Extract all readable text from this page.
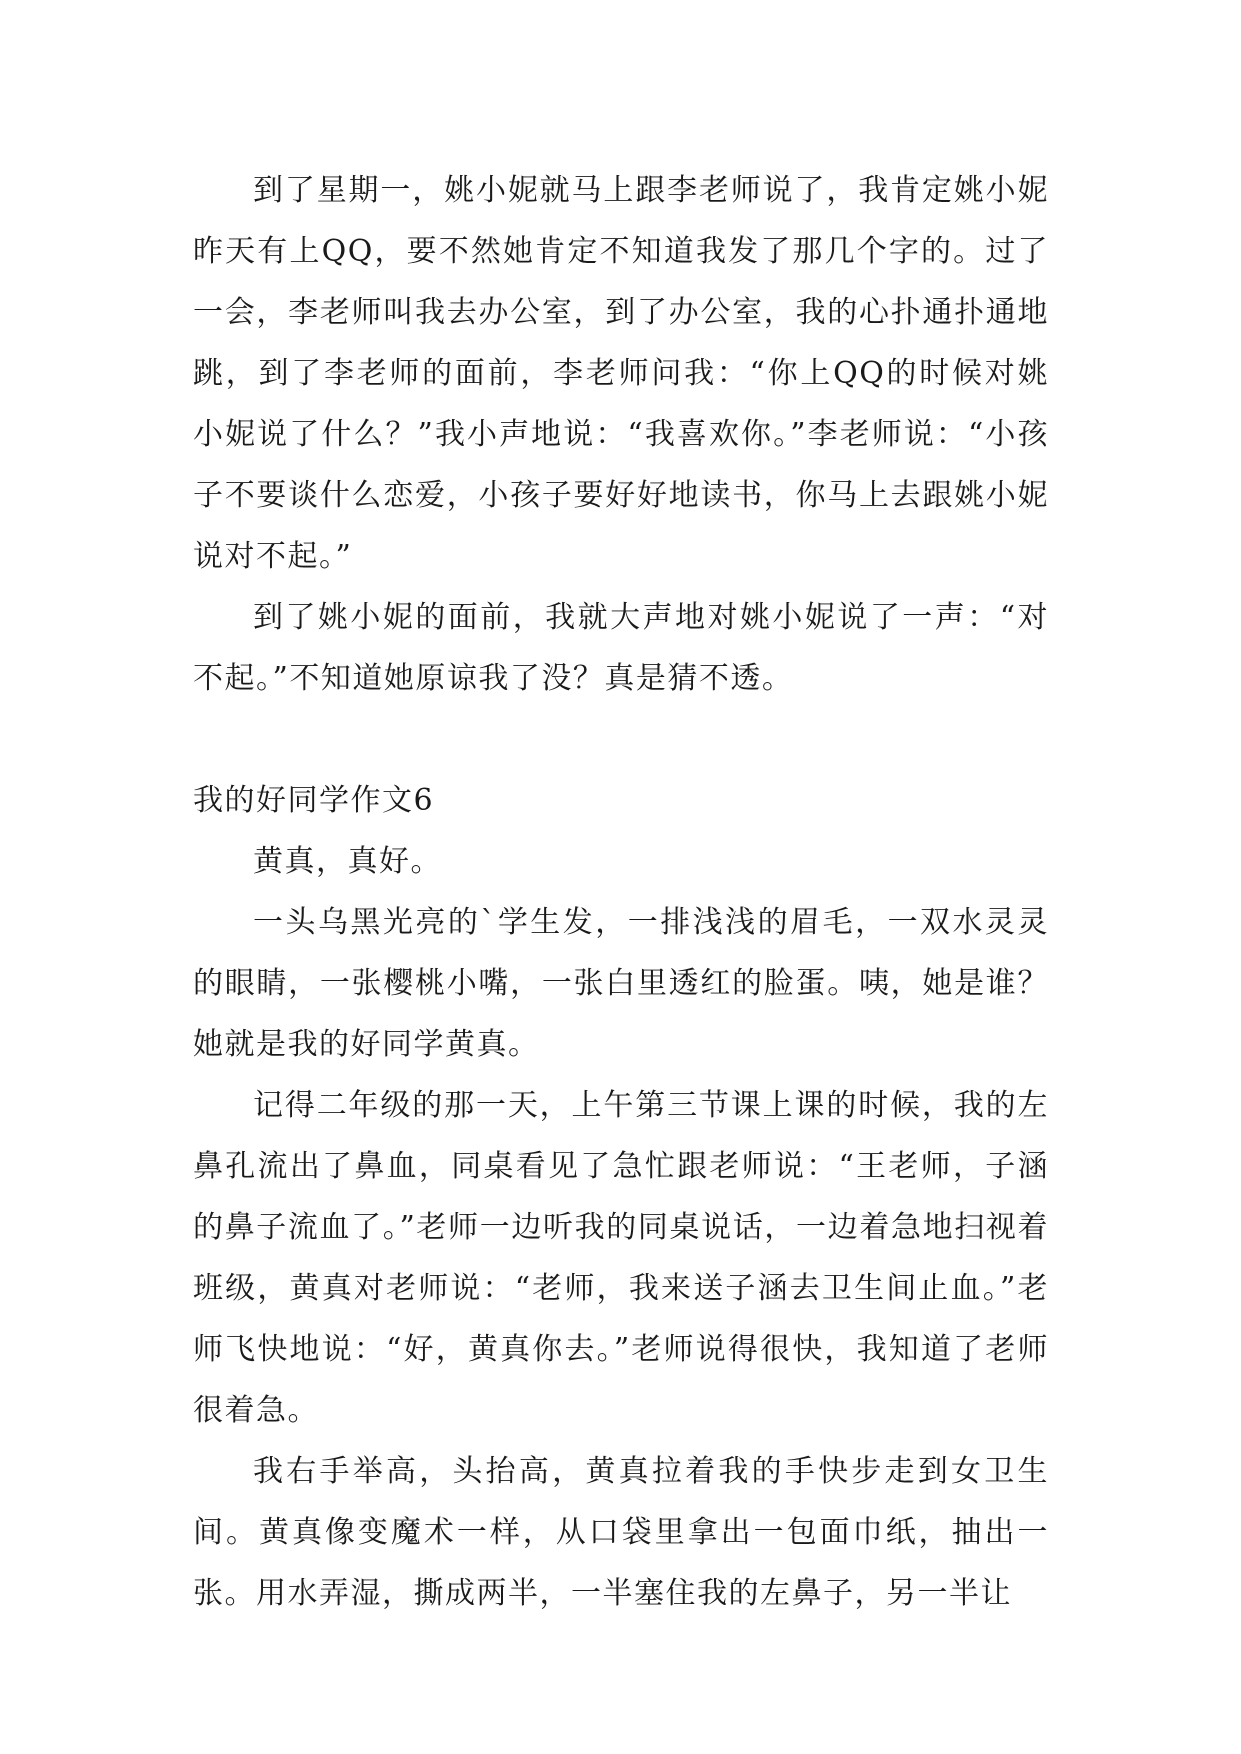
到了星期一，姚小妮就马上跟李老师说了，我肯定姚小妮昨天有上QQ，要不然她肯定不知道我发了那几个字的。过了一会，李老师叫我去办公室，到了办公室，我的心扑通扑通地跳，到了李老师的面前，李老师问我：“你上QQ的时候对姚小妮说了什么？”我小声地说：“我喜欢你。”李老师说：“小孩子不要谈什么恋爱，小孩子要好好地读书，你马上去跟姚小妮说对不起。”

到了姚小妮的面前，我就大声地对姚小妮说了一声：“对不起。”不知道她原谅我了没？真是猜不透。

我的好同学作文6

黄真，真好。

一头乌黑光亮的`学生发，一排浅浅的眉毛，一双水灵灵的眼睛，一张樱桃小嘴，一张白里透红的脸蛋。咦，她是谁？她就是我的好同学黄真。

记得二年级的那一天，上午第三节课上课的时候，我的左鼻孔流出了鼻血，同桌看见了急忙跟老师说：“王老师，子涵的鼻子流血了。”老师一边听我的同桌说话，一边着急地扫视着班级，黄真对老师说：“老师，我来送子涵去卫生间止血。”老师飞快地说：“好，黄真你去。”老师说得很快，我知道了老师很着急。

我右手举高，头抬高，黄真拉着我的手快步走到女卫生间。黄真像变魔术一样，从口袋里拿出一包面巾纸，抽出一张。用水弄湿，撕成两半，一半塞住我的左鼻子，另一半让
